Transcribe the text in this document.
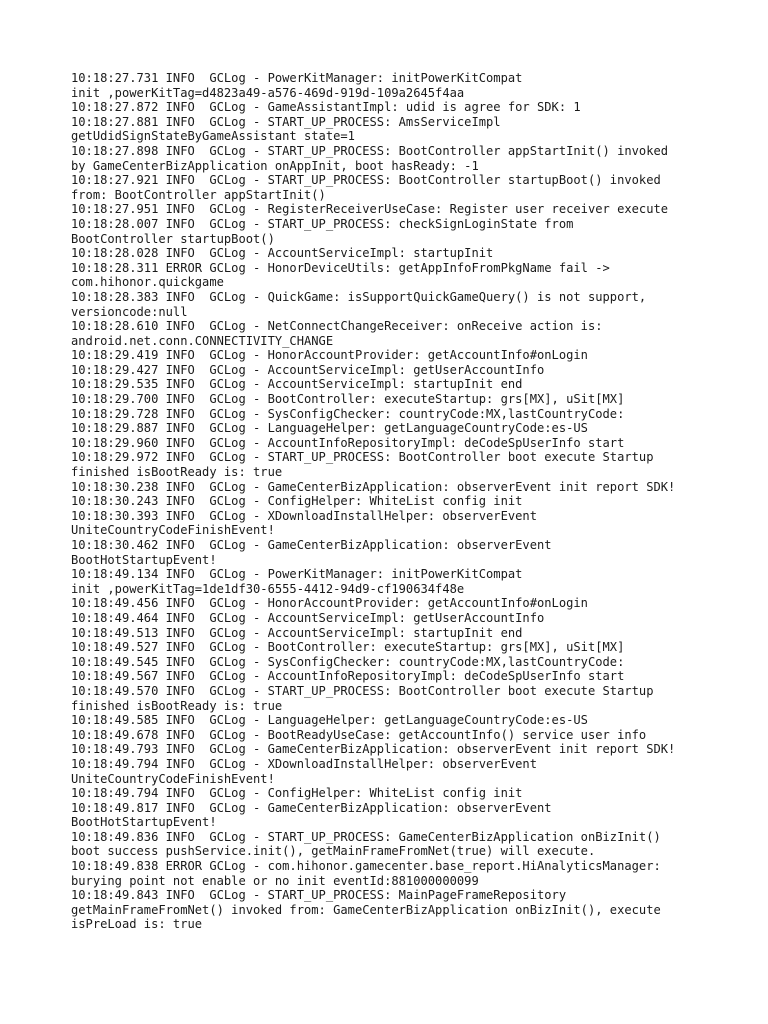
10:18:27.731 INFO  GCLog - PowerKitManager: initPowerKitCompat
init ,powerKitTag=d4823a49-a576-469d-919d-109a2645f4aa
10:18:27.872 INFO  GCLog - GameAssistantImpl: udid is agree for SDK: 1
10:18:27.881 INFO  GCLog - START_UP_PROCESS: AmsServiceImpl
getUdidSignStateByGameAssistant state=1
10:18:27.898 INFO  GCLog - START_UP_PROCESS: BootController appStartInit() invoked
by GameCenterBizApplication onAppInit, boot hasReady: -1
10:18:27.921 INFO  GCLog - START_UP_PROCESS: BootController startupBoot() invoked
from: BootController appStartInit()
10:18:27.951 INFO  GCLog - RegisterReceiverUseCase: Register user receiver execute
10:18:28.007 INFO  GCLog - START_UP_PROCESS: checkSignLoginState from
BootController startupBoot()
10:18:28.028 INFO  GCLog - AccountServiceImpl: startupInit
10:18:28.311 ERROR GCLog - HonorDeviceUtils: getAppInfoFromPkgName fail ->
com.hihonor.quickgame
10:18:28.383 INFO  GCLog - QuickGame: isSupportQuickGameQuery() is not support,
versioncode:null
10:18:28.610 INFO  GCLog - NetConnectChangeReceiver: onReceive action is:
android.net.conn.CONNECTIVITY_CHANGE
10:18:29.419 INFO  GCLog - HonorAccountProvider: getAccountInfo#onLogin
10:18:29.427 INFO  GCLog - AccountServiceImpl: getUserAccountInfo
10:18:29.535 INFO  GCLog - AccountServiceImpl: startupInit end
10:18:29.700 INFO  GCLog - BootController: executeStartup: grs[MX], uSit[MX]
10:18:29.728 INFO  GCLog - SysConfigChecker: countryCode:MX,lastCountryCode:
10:18:29.887 INFO  GCLog - LanguageHelper: getLanguageCountryCode:es-US
10:18:29.960 INFO  GCLog - AccountInfoRepositoryImpl: deCodeSpUserInfo start
10:18:29.972 INFO  GCLog - START_UP_PROCESS: BootController boot execute Startup
finished isBootReady is: true
10:18:30.238 INFO  GCLog - GameCenterBizApplication: observerEvent init report SDK!
10:18:30.243 INFO  GCLog - ConfigHelper: WhiteList config init
10:18:30.393 INFO  GCLog - XDownloadInstallHelper: observerEvent
UniteCountryCodeFinishEvent!
10:18:30.462 INFO  GCLog - GameCenterBizApplication: observerEvent
BootHotStartupEvent!
10:18:49.134 INFO  GCLog - PowerKitManager: initPowerKitCompat
init ,powerKitTag=1de1df30-6555-4412-94d9-cf190634f48e
10:18:49.456 INFO  GCLog - HonorAccountProvider: getAccountInfo#onLogin
10:18:49.464 INFO  GCLog - AccountServiceImpl: getUserAccountInfo
10:18:49.513 INFO  GCLog - AccountServiceImpl: startupInit end
10:18:49.527 INFO  GCLog - BootController: executeStartup: grs[MX], uSit[MX]
10:18:49.545 INFO  GCLog - SysConfigChecker: countryCode:MX,lastCountryCode:
10:18:49.567 INFO  GCLog - AccountInfoRepositoryImpl: deCodeSpUserInfo start
10:18:49.570 INFO  GCLog - START_UP_PROCESS: BootController boot execute Startup
finished isBootReady is: true
10:18:49.585 INFO  GCLog - LanguageHelper: getLanguageCountryCode:es-US
10:18:49.678 INFO  GCLog - BootReadyUseCase: getAccountInfo() service user info
10:18:49.793 INFO  GCLog - GameCenterBizApplication: observerEvent init report SDK!
10:18:49.794 INFO  GCLog - XDownloadInstallHelper: observerEvent
UniteCountryCodeFinishEvent!
10:18:49.794 INFO  GCLog - ConfigHelper: WhiteList config init
10:18:49.817 INFO  GCLog - GameCenterBizApplication: observerEvent
BootHotStartupEvent!
10:18:49.836 INFO  GCLog - START_UP_PROCESS: GameCenterBizApplication onBizInit()
boot success pushService.init(), getMainFrameFromNet(true) will execute.
10:18:49.838 ERROR GCLog - com.hihonor.gamecenter.base_report.HiAnalyticsManager:
burying point not enable or no init eventId:881000000099
10:18:49.843 INFO  GCLog - START_UP_PROCESS: MainPageFrameRepository
getMainFrameFromNet() invoked from: GameCenterBizApplication onBizInit(), execute
isPreLoad is: true
